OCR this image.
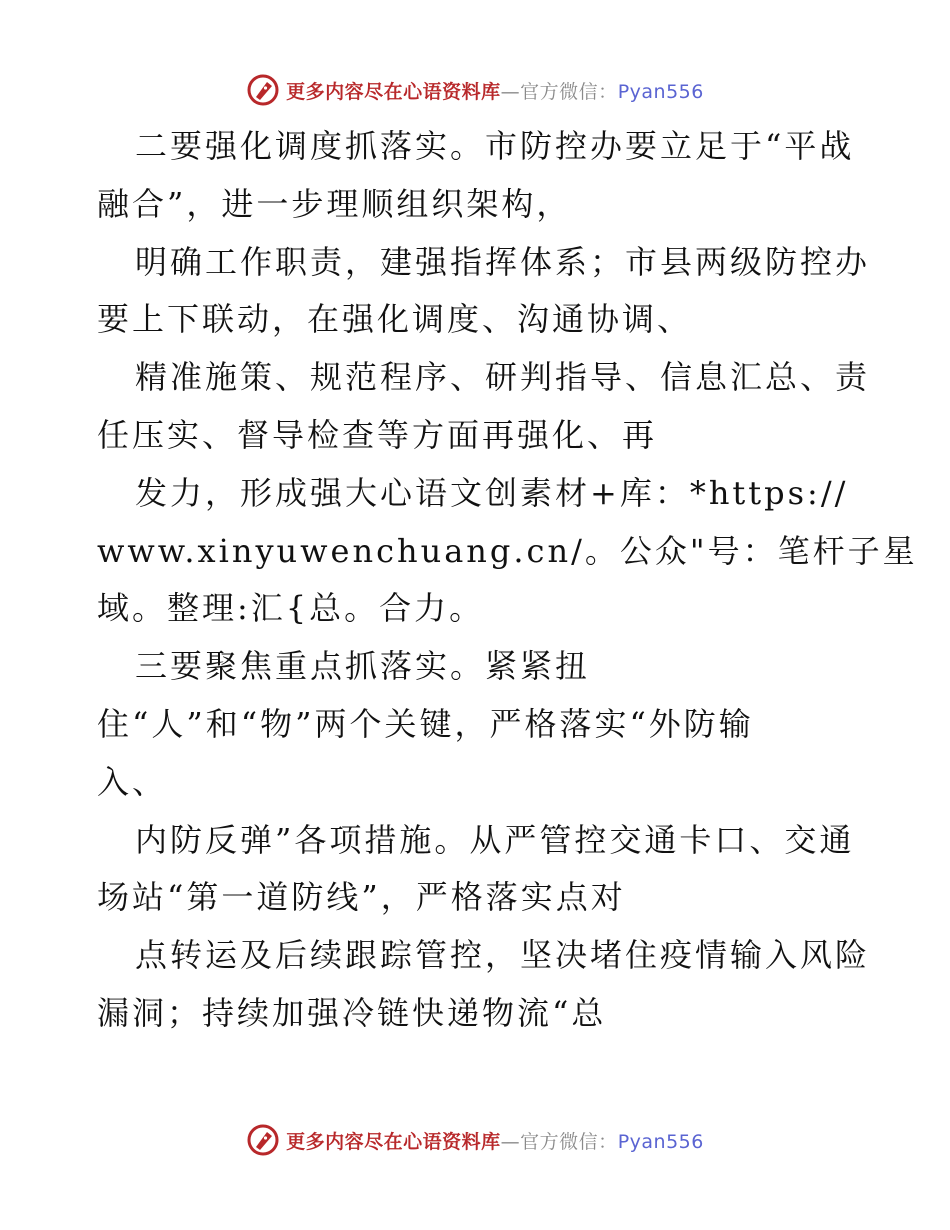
更多内容尽在心语资料库—官方微信：Pyan556
二要强化调度抓落实。市防控办要立足于“平战
融合”，进一步理顺组织架构，
明确工作职责，建强指挥体系；市县两级防控办
要上下联动，在强化调度、沟通协调、
精准施策、规范程序、研判指导、信息汇总、责
任压实、督导检查等方面再强化、再
发力，形成强大心语文创素材+库：*https://
www.xinyuwenchuang.cn/。公众"号：笔杆子星
域。整理:汇{总。合力。
三要聚焦重点抓落实。紧紧扭
住“人”和“物”两个关键，严格落实“外防输
入、
内防反弹”各项措施。从严管控交通卡口、交通
场站“第一道防线”，严格落实点对
点转运及后续跟踪管控，坚决堵住疫情输入风险
漏洞；持续加强冷链快递物流“总
更多内容尽在心语资料库—官方微信：Pyan556
